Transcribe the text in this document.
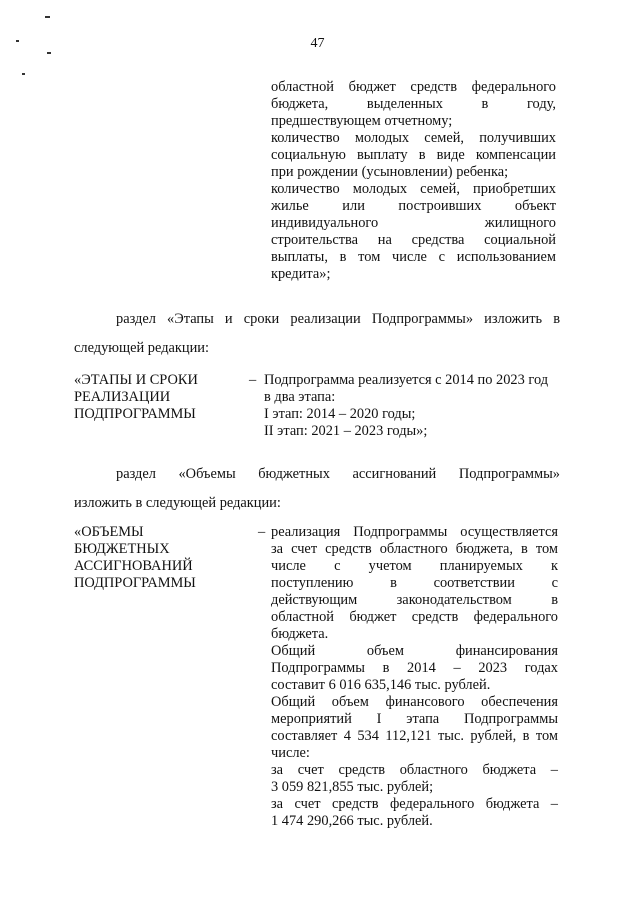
47
областной бюджет средств федерального
бюджета, выделенных в году,
предшествующем отчетному;
количество молодых семей, получивших
социальную выплату в виде компенсации
при рождении (усыновлении) ребенка;
количество молодых семей, приобретших
жилье или построивших объект
индивидуального жилищного
строительства на средства социальной
выплаты, в том числе с использованием
кредита»;
раздел «Этапы и сроки реализации Подпрограммы» изложить в
следующей редакции:
«ЭТАПЫ И СРОКИ
РЕАЛИЗАЦИИ
ПОДПРОГРАММЫ
– Подпрограмма реализуется с 2014 по 2023 год
в два этапа:
I этап: 2014 – 2020 годы;
II этап: 2021 – 2023 годы»;
раздел «Объемы бюджетных ассигнований Подпрограммы»
изложить в следующей редакции:
«ОБЪЕМЫ
БЮДЖЕТНЫХ
АССИГНОВАНИЙ
ПОДПРОГРАММЫ
– реализация Подпрограммы осуществляется
за счет средств областного бюджета, в том
числе с учетом планируемых к
поступлению в соответствии с
действующим законодательством в
областной бюджет средств федерального
бюджета.
Общий объем финансирования
Подпрограммы в 2014 – 2023 годах
составит 6 016 635,146 тыс. рублей.
Общий объем финансового обеспечения
мероприятий I этапа Подпрограммы
составляет 4 534 112,121 тыс. рублей, в том
числе:
за счет средств областного бюджета –
3 059 821,855 тыс. рублей;
за счет средств федерального бюджета –
1 474 290,266 тыс. рублей.
